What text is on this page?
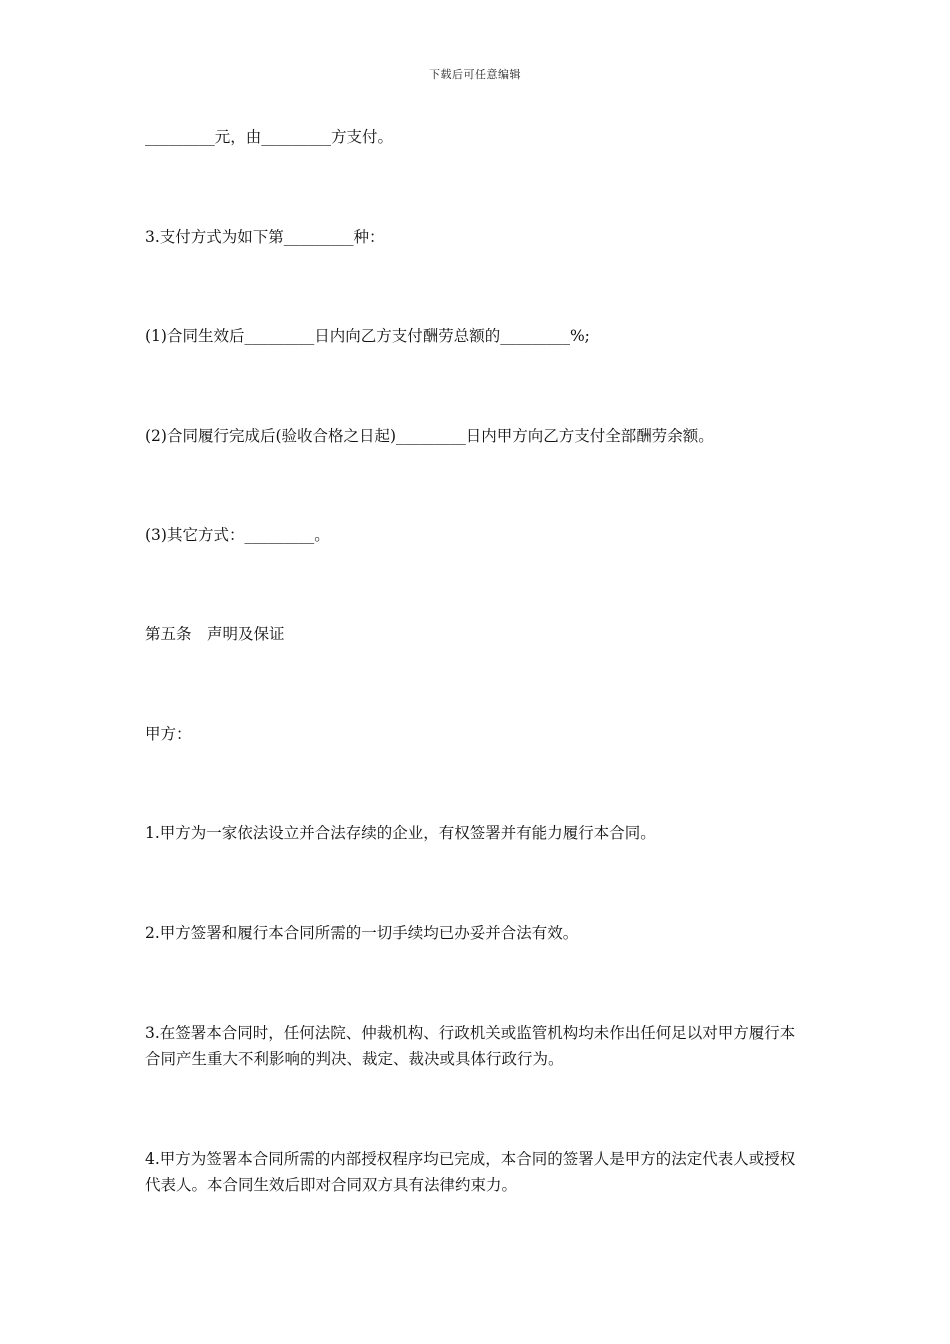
下载后可任意编辑
_________元，由_________方支付。
3.支付方式为如下第_________种：
(1)合同生效后_________日内向乙方支付酬劳总额的_________%;
(2)合同履行完成后(验收合格之日起)_________日内甲方向乙方支付全部酬劳余额。
(3)其它方式：_________。
第五条　声明及保证
甲方：
1.甲方为一家依法设立并合法存续的企业，有权签署并有能力履行本合同。
2.甲方签署和履行本合同所需的一切手续均已办妥并合法有效。
3.在签署本合同时，任何法院、仲裁机构、行政机关或监管机构均未作出任何足以对甲方履行本合同产生重大不利影响的判决、裁定、裁决或具体行政行为。
4.甲方为签署本合同所需的内部授权程序均已完成，本合同的签署人是甲方的法定代表人或授权代表人。本合同生效后即对合同双方具有法律约束力。
